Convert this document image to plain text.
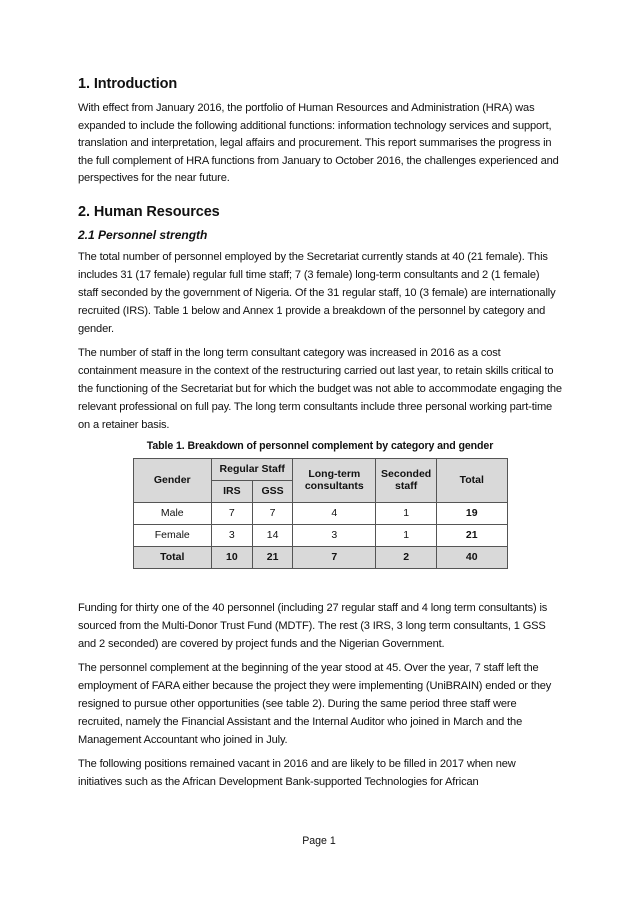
1. Introduction

With effect from January 2016, the portfolio of Human Resources and Administration (HRA) was expanded to include the following additional functions: information technology services and support, translation and interpretation, legal affairs and procurement. This report summarises the progress in the full complement of HRA functions from January to October 2016, the challenges experienced and perspectives for the near future.

2. Human Resources
2.1 Personnel strength

The total number of personnel employed by the Secretariat currently stands at 40 (21 female). This includes 31 (17 female) regular full time staff; 7 (3 female) long-term consultants and 2 (1 female) staff seconded by the government of Nigeria. Of the 31 regular staff, 10 (3 female) are internationally recruited (IRS). Table 1 below and Annex 1 provide a breakdown of the personnel by category and gender.

The number of staff in the long term consultant category was increased in 2016 as a cost containment measure in the context of the restructuring carried out last year, to retain skills critical to the functioning of the Secretariat but for which the budget was not able to accommodate engaging the relevant professional on full pay. The long term consultants include three personal working part-time on a retainer basis.

Table 1. Breakdown of personnel complement by category and gender
Gender	Regular Staff		Long-term consultants	Seconded staff	Total
	IRS	GSS			
Male	7	7	4	1	19
Female	3	14	3	1	21
Total	10	21	7	2	40

Funding for thirty one of the 40 personnel (including 27 regular staff and 4 long term consultants) is sourced from the Multi-Donor Trust Fund (MDTF). The rest (3 IRS, 3 long term consultants, 1 GSS and 2 seconded) are covered by project funds and the Nigerian Government.

The personnel complement at the beginning of the year stood at 45. Over the year, 7 staff left the employment of FARA either because the project they were implementing (UniBRAIN) ended or they resigned to pursue other opportunities (see table 2). During the same period three staff were recruited, namely the Financial Assistant and the Internal Auditor who joined in March and the Management Accountant who joined in July.

The following positions remained vacant in 2016 and are likely to be filled in 2017 when new initiatives such as the African Development Bank-supported Technologies for African

Page 1
